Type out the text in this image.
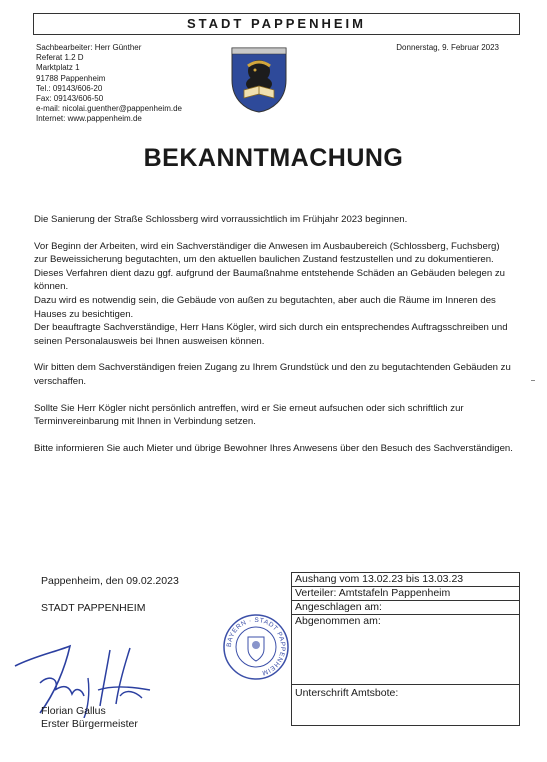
STADT PAPPENHEIM
Sachbearbeiter: Herr Günther
Referat 1.2 D
Marktplatz 1
91788 Pappenheim
Tel.: 09143/606-20
Fax: 09143/606-50
e-mail: nicolai.guenther@pappenheim.de
Internet: www.pappenheim.de
Donnerstag, 9. Februar 2023
BEKANNTMACHUNG

Die Sanierung der Straße Schlossberg wird vorraussichtlich im Frühjahr 2023 beginnen.

Vor Beginn der Arbeiten, wird ein Sachverständiger die Anwesen im Ausbaubereich (Schlossberg, Fuchsberg) zur Beweissicherung begutachten, um den aktuellen baulichen Zustand festzustellen und zu dokumentieren.

Dieses Verfahren dient dazu ggf. aufgrund der Baumaßnahme entstehende Schäden an Gebäuden belegen zu können.

Dazu wird es notwendig sein, die Gebäude von außen zu begutachten, aber auch die Räume im Inneren des Hauses zu besichtigen.

Der beauftragte Sachverständige, Herr Hans Kögler, wird sich durch ein entsprechendes Auftragsschreiben und seinen Personalausweis bei Ihnen ausweisen können.

Wir bitten dem Sachverständigen freien Zugang zu Ihrem Grundstück und den zu begutachtenden Gebäuden zu verschaffen.

Sollte Sie Herr Kögler nicht persönlich antreffen, wird er Sie erneut aufsuchen oder sich schriftlich zur Terminvereinbarung mit Ihnen in Verbindung setzen.

Bitte informieren Sie auch Mieter und übrige Bewohner Ihres Anwesens über den Besuch des Sachverständigen.

Pappenheim, den 09.02.2023
STADT PAPPENHEIM
Florian Gallus
Erster Bürgermeister
BAYERN · STADT PAPPENHEIM
Aushang vom 13.02.23 bis 13.03.23
Verteiler: Amtstafeln Pappenheim
Angeschlagen am:
Abgenommen am:
Unterschrift Amtsbote:
